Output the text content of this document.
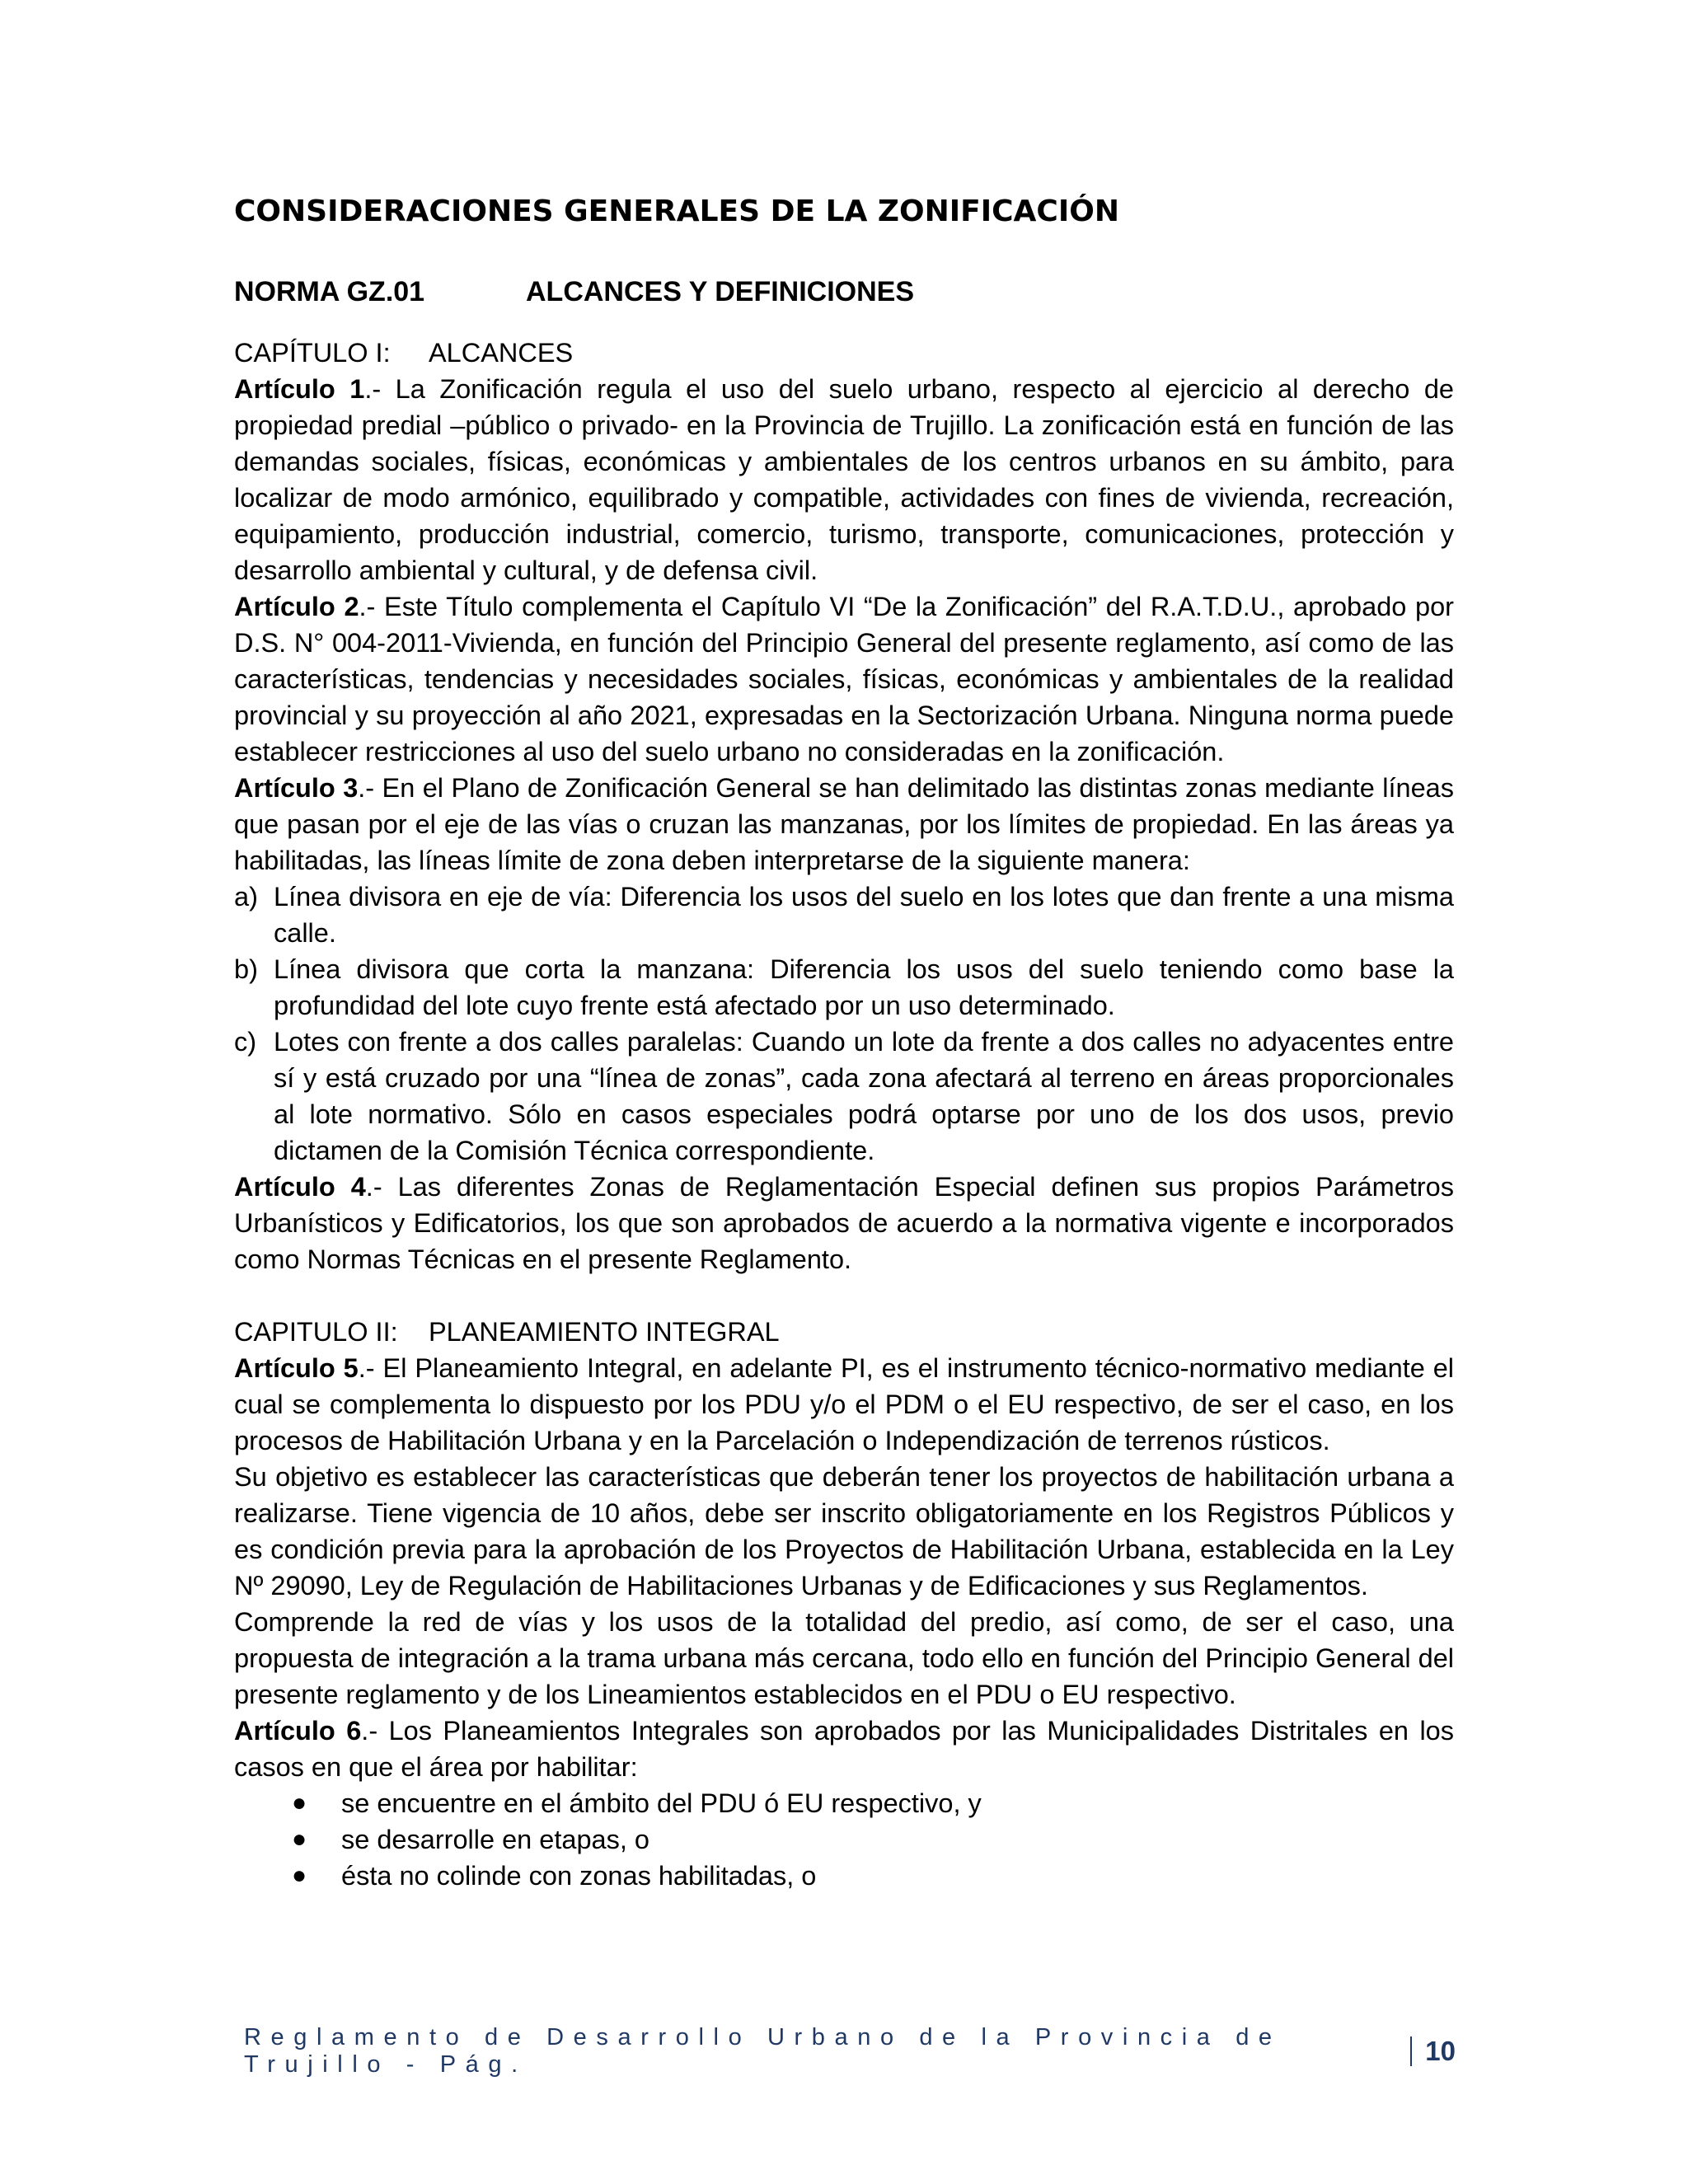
CONSIDERACIONES GENERALES DE LA ZONIFICACIÓN
NORMA GZ.01	ALCANCES Y DEFINICIONES
CAPÍTULO I: ALCANCES

Artículo 1.- La Zonificación regula el uso del suelo urbano, respecto al ejercicio al derecho de propiedad predial –público o privado- en la Provincia de Trujillo. La zonificación está en función de las demandas sociales, físicas, económicas y ambientales de los centros urbanos en su ámbito, para localizar de modo armónico, equilibrado y compatible, actividades con fines de vivienda, recreación, equipamiento, producción industrial, comercio, turismo, transporte, comunicaciones, protección y desarrollo ambiental y cultural, y de defensa civil.

Artículo 2.- Este Título complementa el Capítulo VI “De la Zonificación” del R.A.T.D.U., aprobado por D.S. N° 004-2011-Vivienda, en función del Principio General del presente reglamento, así como de las características, tendencias y necesidades sociales, físicas, económicas y ambientales de la realidad provincial y su proyección al año 2021, expresadas en la Sectorización Urbana. Ninguna norma puede establecer restricciones al uso del suelo urbano no consideradas en la zonificación.

Artículo 3.- En el Plano de Zonificación General se han delimitado las distintas zonas mediante líneas que pasan por el eje de las vías o cruzan las manzanas, por los límites de propiedad. En las áreas ya habilitadas, las líneas límite de zona deben interpretarse de la siguiente manera:

a) Línea divisora en eje de vía: Diferencia los usos del suelo en los lotes que dan frente a una misma calle.
b) Línea divisora que corta la manzana: Diferencia los usos del suelo teniendo como base la profundidad del lote cuyo frente está afectado por un uso determinado.
c) Lotes con frente a dos calles paralelas: Cuando un lote da frente a dos calles no adyacentes entre sí y está cruzado por una “línea de zonas”, cada zona afectará al terreno en áreas proporcionales al lote normativo. Sólo en casos especiales podrá optarse por uno de los dos usos, previo dictamen de la Comisión Técnica correspondiente.

Artículo 4.- Las diferentes Zonas de Reglamentación Especial definen sus propios Parámetros Urbanísticos y Edificatorios, los que son aprobados de acuerdo a la normativa vigente e incorporados como Normas Técnicas en el presente Reglamento.

CAPITULO II: PLANEAMIENTO INTEGRAL

Artículo 5.- El Planeamiento Integral, en adelante PI, es el instrumento técnico-normativo mediante el cual se complementa lo dispuesto por los PDU y/o el PDM o el EU respectivo, de ser el caso, en los procesos de Habilitación Urbana y en la Parcelación o Independización de terrenos rústicos.

Su objetivo es establecer las características que deberán tener los proyectos de habilitación urbana a realizarse. Tiene vigencia de 10 años, debe ser inscrito obligatoriamente en los Registros Públicos y es condición previa para la aprobación de los Proyectos de Habilitación Urbana, establecida en la Ley Nº 29090, Ley de Regulación de Habilitaciones Urbanas y de Edificaciones y sus Reglamentos.

Comprende la red de vías y los usos de la totalidad del predio, así como, de ser el caso, una propuesta de integración a la trama urbana más cercana, todo ello en función del Principio General del presente reglamento y de los Lineamientos establecidos en el PDU o EU respectivo.

Artículo 6.- Los Planeamientos Integrales son aprobados por las Municipalidades Distritales en los casos en que el área por habilitar:

●	se encuentre en el ámbito del PDU ó EU respectivo, y
●	se desarrolle en etapas, o
●	ésta no colinde con zonas habilitadas, o
Reglamento de Desarrollo Urbano de la Provincia de Trujillo - Pág.	10
